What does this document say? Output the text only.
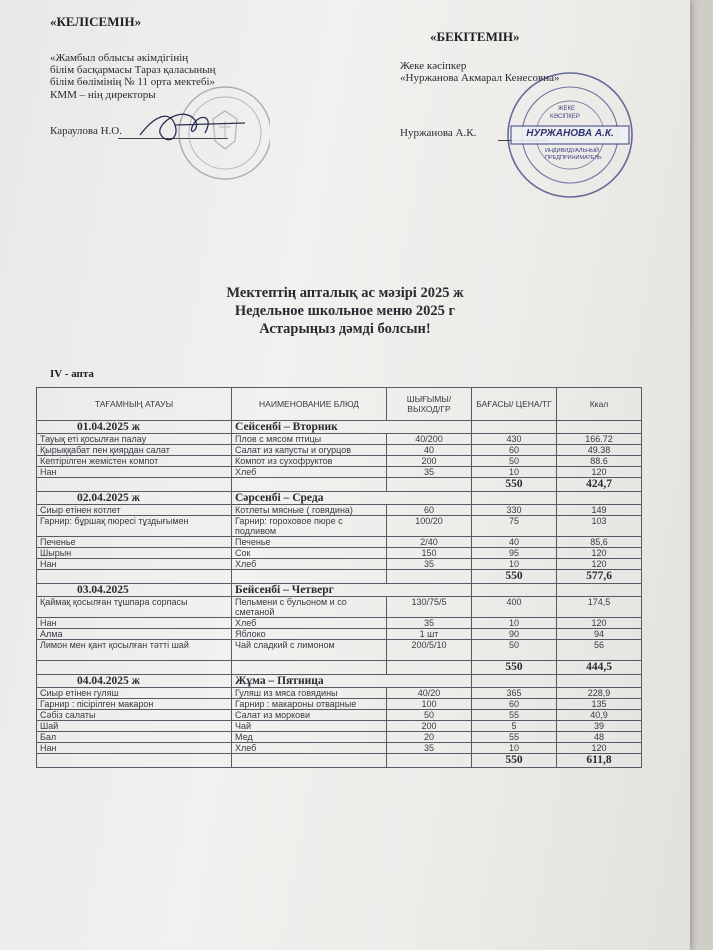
«КЕЛІСЕМІН»
«Жамбыл облысы әкімдігінің
білім басқармасы Тараз қаласының
білім бөлімінің № 11 орта мектебі»
КММ – нің директоры
Караулова Н.О.
«БЕКІТЕМІН»
Жеке кәсіпкер
«Нуржанова Акмарал Кенесовна»
Нуржанова А.К.
ЖЕКЕ
КӘСІПКЕР
НУРЖАНОВА А.К.
ИНДИВИДУАЛЬНЫЙ
ПРЕДПРИНИМАТЕЛЬ
Мектептің апталық ас мәзірі 2025 ж
Недельное школьное меню 2025 г
Астарыңыз дәмді болсын!
IV - апта
ТАҒАМНЫҢ АТАУЫ	НАИМЕНОВАНИЕ БЛЮД	ШЫҒЫМЫ/ ВЫХОД/ГР	БАҒАСЫ/ ЦЕНА/ТГ	Ккал
01.04.2025 ж	Сейсенбі – Вторник			
Тауық еті қосылған палау	Плов с мясом птицы	40/200	430	166.72
Қырыққабат пен қиярдан салат	Салат из капусты и огурцов	40	60	49.38
Кептірілген жемістен компот	Компот из сухофруктов	200	50	88.6
Нан	Хлеб	35	10	120
			550	424,7
02.04.2025 ж	Сәрсенбі – Среда			
Сиыр етінен котлет	Котлеты мясные ( говядина)	60	330	149
Гарнир: бұршақ пюресі тұздығымен	Гарнир: гороховое пюре с подливом	100/20	75	103
Печенье	Печенье	2/40	40	85,6
Шырын	Сок	150	95	120
Нан	Хлеб	35	10	120
			550	577,6
03.04.2025	Бейсенбі – Четверг			
Қаймақ қосылған тұшпара сорпасы	Пельмени с бульоном и со сметаной	130/75/5	400	174,5
Нан	Хлеб	35	10	120
Алма	Яблоко	1 шт	90	94
Лимон мен қант қосылған тәтті шай	Чай сладкий с лимоном	200/5/10	50	56
			550	444,5
04.04.2025 ж	Жұма – Пятница			
Сиыр етінен гуляш	Гуляш из мяса говядины	40/20	365	228,9
Гарнир : пісірілген макарон	Гарнир : макароны отварные	100	60	135
Сәбіз салаты	Салат из моркови	50	55	40,9
Шай	Чай	200	5	39
Бал	Мед	20	55	48
Нан	Хлеб	35	10	120
			550	611,8
